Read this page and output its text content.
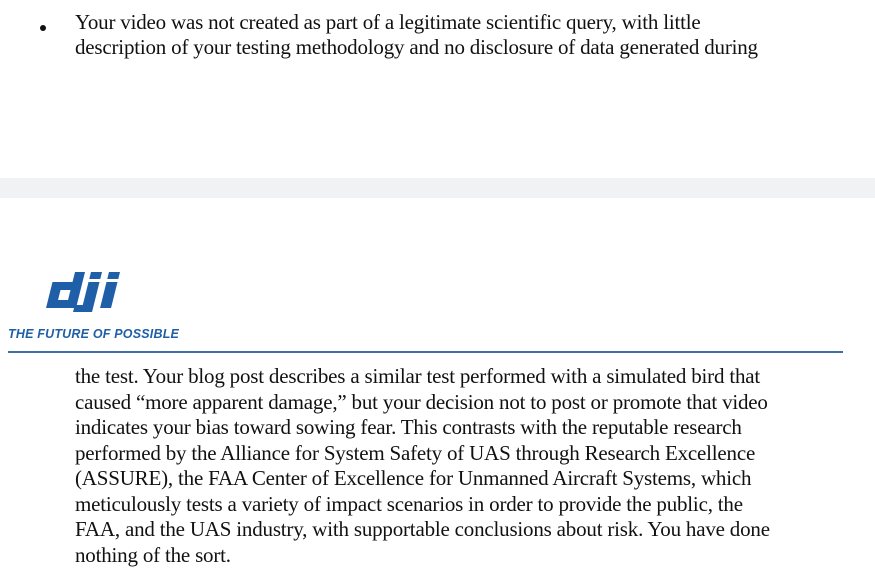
Your video was not created as part of a legitimate scientific query, with little
description of your testing methodology and no disclosure of data generated during
THE FUTURE OF POSSIBLE
the test. Your blog post describes a similar test performed with a simulated bird that
caused “more apparent damage,” but your decision not to post or promote that video
indicates your bias toward sowing fear. This contrasts with the reputable research
performed by the Alliance for System Safety of UAS through Research Excellence
(ASSURE), the FAA Center of Excellence for Unmanned Aircraft Systems, which
meticulously tests a variety of impact scenarios in order to provide the public, the
FAA, and the UAS industry, with supportable conclusions about risk. You have done
nothing of the sort.
